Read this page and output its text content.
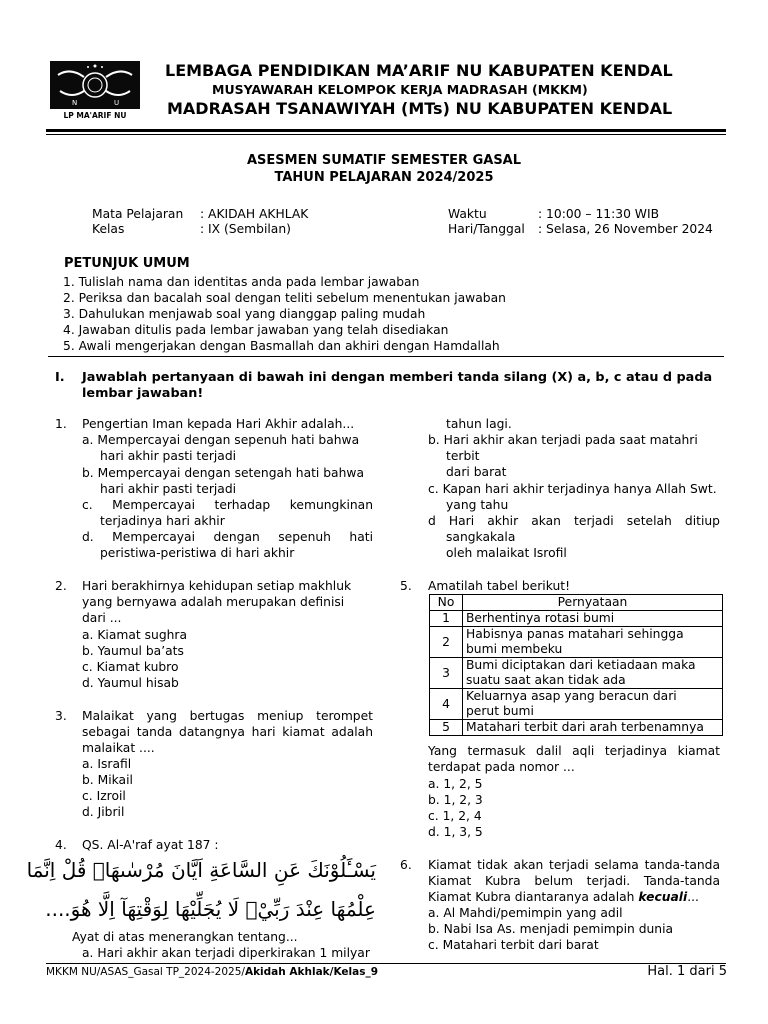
N	U
LP MA'ARIF NU
LEMBAGA PENDIDIKAN MA’ARIF NU KABUPATEN KENDAL
MUSYAWARAH KELOMPOK KERJA MADRASAH (MKKM)
MADRASAH TSANAWIYAH (MTs) NU KABUPATEN KENDAL
ASESMEN SUMATIF SEMESTER GASAL
TAHUN PELAJARAN 2024/2025
Mata Pelajaran : AKIDAH AKHLAK
Kelas	: IX (Sembilan)
Waktu	: 10:00 – 11:30 WIB
Hari/Tanggal : Selasa, 26 November 2024
PETUNJUK UMUM
1. Tulislah nama dan identitas anda pada lembar jawaban
2. Periksa dan bacalah soal dengan teliti sebelum menentukan jawaban
3. Dahulukan menjawab soal yang dianggap paling mudah
4. Jawaban ditulis pada lembar jawaban yang telah disediakan
5. Awali mengerjakan dengan Basmallah dan akhiri dengan Hamdallah
I. Jawablah pertanyaan di bawah ini dengan memberi tanda silang (X) a, b, c atau d pada
lembar jawaban!
1. Pengertian Iman kepada Hari Akhir adalah...
a. Mempercayai dengan sepenuh hati bahwa
hari akhir pasti terjadi
b. Mempercayai dengan setengah hati bahwa
hari akhir pasti terjadi
c. Mempercayai terhadap kemungkinan
terjadinya hari akhir
d. Mempercayai dengan sepenuh hati
peristiwa-peristiwa di hari akhir
2. Hari berakhirnya kehidupan setiap makhluk
yang bernyawa adalah merupakan definisi
dari ...
a. Kiamat sughra
b. Yaumul ba’ats
c. Kiamat kubro
d. Yaumul hisab
3. Malaikat yang bertugas meniup terompet
sebagai tanda datangnya hari kiamat adalah
malaikat ....
a. Israfil
b. Mikail
c. Izroil
d. Jibril
4. QS. Al-A'raf ayat 187 :
يَسْـَٔلُوْنَكَ عَنِ السَّاعَةِ اَيَّانَ مُرْسٰىهَاۗ قُلْ اِنَّمَا
عِلْمُهَا عِنْدَ رَبِّيْۚ لَا يُجَلِّيْهَا لِوَقْتِهَآ اِلَّا هُوَ....
Ayat di atas menerangkan tentang...
a. Hari akhir akan terjadi diperkirakan 1 milyar
tahun lagi.
b. Hari akhir akan terjadi pada saat matahri
terbit
dari barat
c. Kapan hari akhir terjadinya hanya Allah Swt.
yang tahu
d Hari akhir akan terjadi setelah ditiup
sangkakala
oleh malaikat Isrofil
5. Amatilah tabel berikut!
No	Pernyataan
1	Berhentinya rotasi bumi
2	Habisnya panas matahari sehingga
bumi membeku
3	Bumi diciptakan dari ketiadaan maka
suatu saat akan tidak ada
4	Keluarnya asap yang beracun dari
perut bumi
5	Matahari terbit dari arah terbenamnya
Yang termasuk dalil aqli terjadinya kiamat
terdapat pada nomor ...
a. 1, 2, 5
b. 1, 2, 3
c. 1, 2, 4
d. 1, 3, 5
6. Kiamat tidak akan terjadi selama tanda-tanda
Kiamat Kubra belum terjadi. Tanda-tanda
Kiamat Kubra diantaranya adalah kecuali...
a. Al Mahdi/pemimpin yang adil
b. Nabi Isa As. menjadi pemimpin dunia
c. Matahari terbit dari barat
MKKM NU/ASAS_Gasal TP_2024-2025/Akidah Akhlak/Kelas_9	Hal. 1 dari 5
